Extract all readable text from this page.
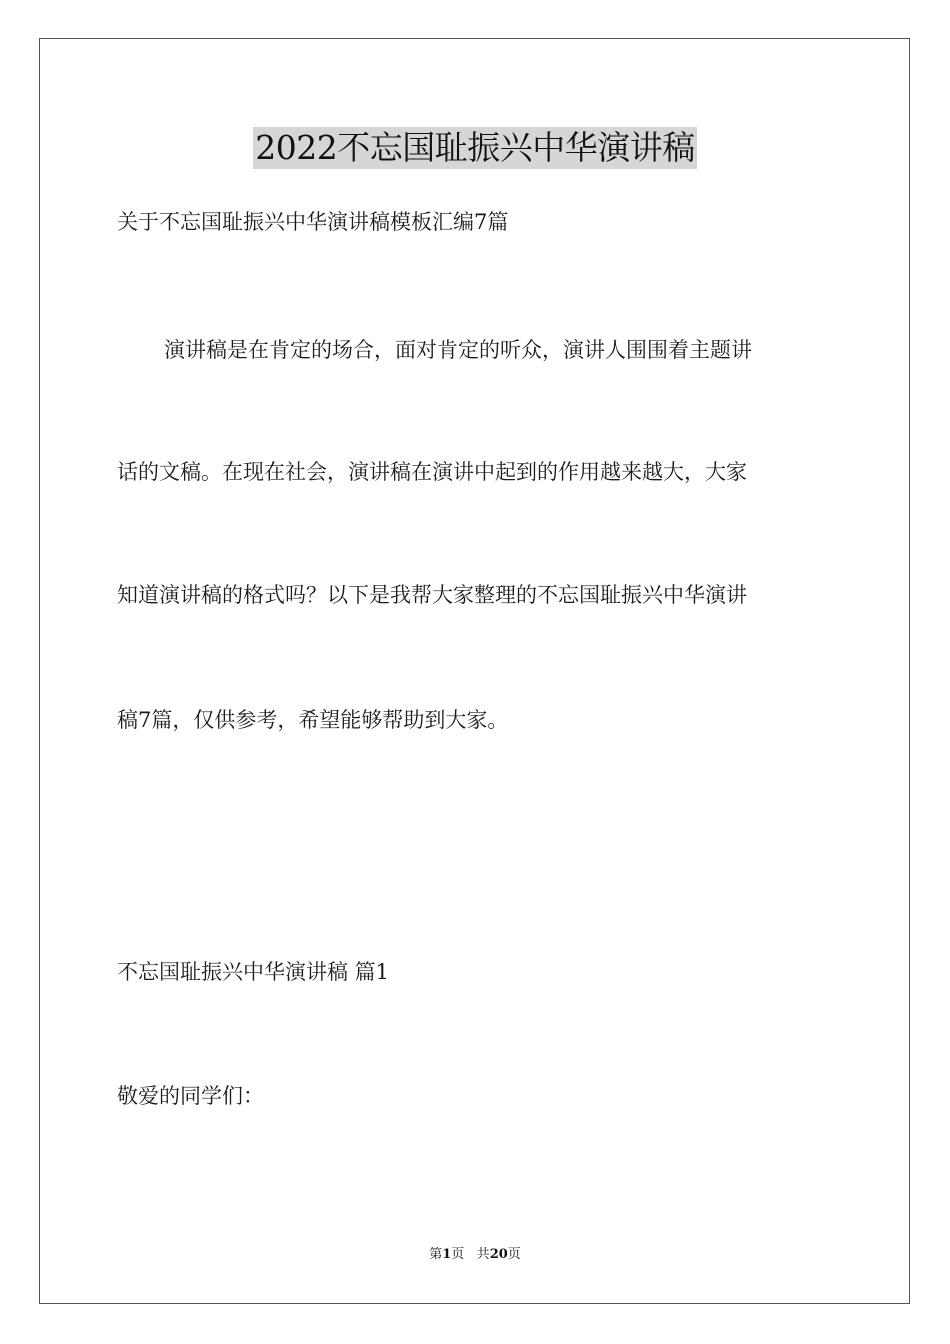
2022不忘国耻振兴中华演讲稿
关于不忘国耻振兴中华演讲稿模板汇编7篇
演讲稿是在肯定的场合，面对肯定的听众，演讲人围围着主题讲
话的文稿。在现在社会，演讲稿在演讲中起到的作用越来越大，大家
知道演讲稿的格式吗？以下是我帮大家整理的不忘国耻振兴中华演讲
稿7篇，仅供参考，希望能够帮助到大家。
不忘国耻振兴中华演讲稿 篇1
敬爱的同学们：
第1页 共20页
